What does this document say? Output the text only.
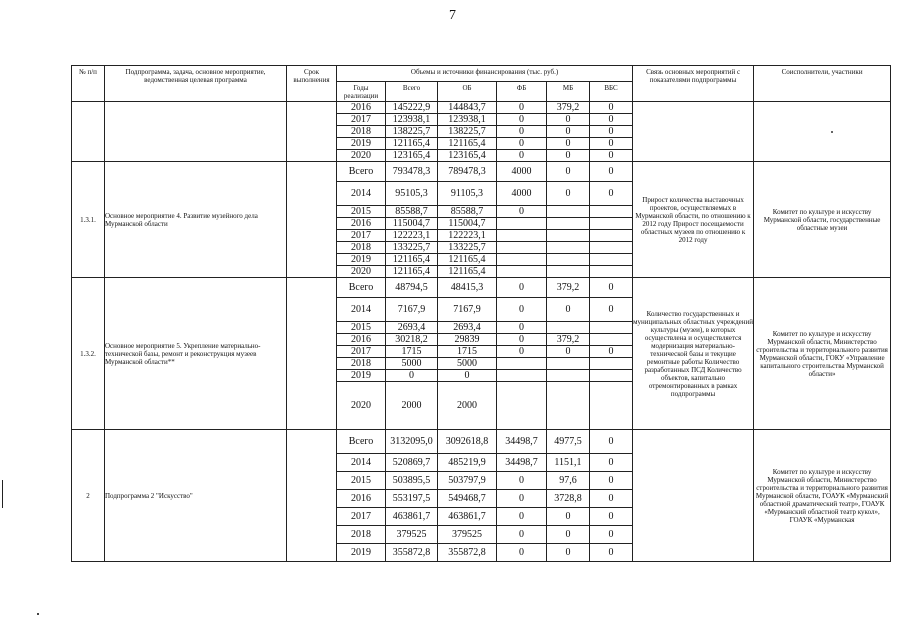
7
№ п/п	Подпрограмма, задача, основное мероприятие, ведомственная целевая программа	Срок выполнения	Объемы и источники финансирования (тыс. руб.)						Связь основных мероприятий с показателями подпрограммы	Соисполнители, участники
			Годы реализации	Всего	ОБ	ФБ	МБ	ВБС		
			2016	145222,9	144843,7	0	379,2	0		
			2017	123938,1	123938,1	0	0	0		
			2018	138225,7	138225,7	0	0	0		
			2019	121165,4	121165,4	0	0	0		
			2020	123165,4	123165,4	0	0	0		
1.3.1.	Основное мероприятие 4. Развитие музейного дела Мурманской области		Всего	793478,3	789478,3	4000	0	0	Прирост количества выставочных проектов, осуществляемых в Мурманской области, по отношению к 2012 году Прирост посещаемости областных музеев по отношению к 2012 году	Комитет по культуре и искусству Мурманской области, государственные областные музеи
			2014	95105,3	91105,3	4000	0	0		
			2015	85588,7	85588,7	0				
			2016	115004,7	115004,7					
			2017	122223,1	122223,1					
			2018	133225,7	133225,7					
			2019	121165,4	121165,4					
			2020	121165,4	121165,4					
1.3.2.	Основное мероприятие 5. Укрепление материально-технической базы, ремонт и реконструкция музеев Мурманской области**		Всего	48794,5	48415,3	0	379,2	0	Количество государственных и муниципальных областных учреждений культуры (музеи), в которых осуществлена и осуществляется модернизация материально-технической базы и текущие ремонтные работы Количество разработанных ПСД Количество объектов, капитально отремонтированных в рамках подпрограммы	Комитет по культуре и искусству Мурманской области, Министерство строительства и территориального развития Мурманской области, ГОКУ «Управление капитального строительства Мурманской области»
			2014	7167,9	7167,9	0	0	0		
			2015	2693,4	2693,4	0				
			2016	30218,2	29839	0	379,2			
			2017	1715	1715	0	0	0		
			2018	5000	5000					
			2019	0	0					
			2020	2000	2000					
2	Подпрограмма 2 "Искусство"		Всего	3132095,0	3092618,8	34498,7	4977,5	0		Комитет по культуре и искусству Мурманской области, Министерство строительства и территориального развития Мурманской области, ГОАУК «Мурманский областной драматический театр», ГОАУК «Мурманский областной театр кукол», ГОАУК «Мурманская
			2014	520869,7	485219,9	34498,7	1151,1	0		
			2015	503895,5	503797,9	0	97,6	0		
			2016	553197,5	549468,7	0	3728,8	0		
			2017	463861,7	463861,7	0	0	0		
			2018	379525	379525	0	0	0		
			2019	355872,8	355872,8	0	0	0		
